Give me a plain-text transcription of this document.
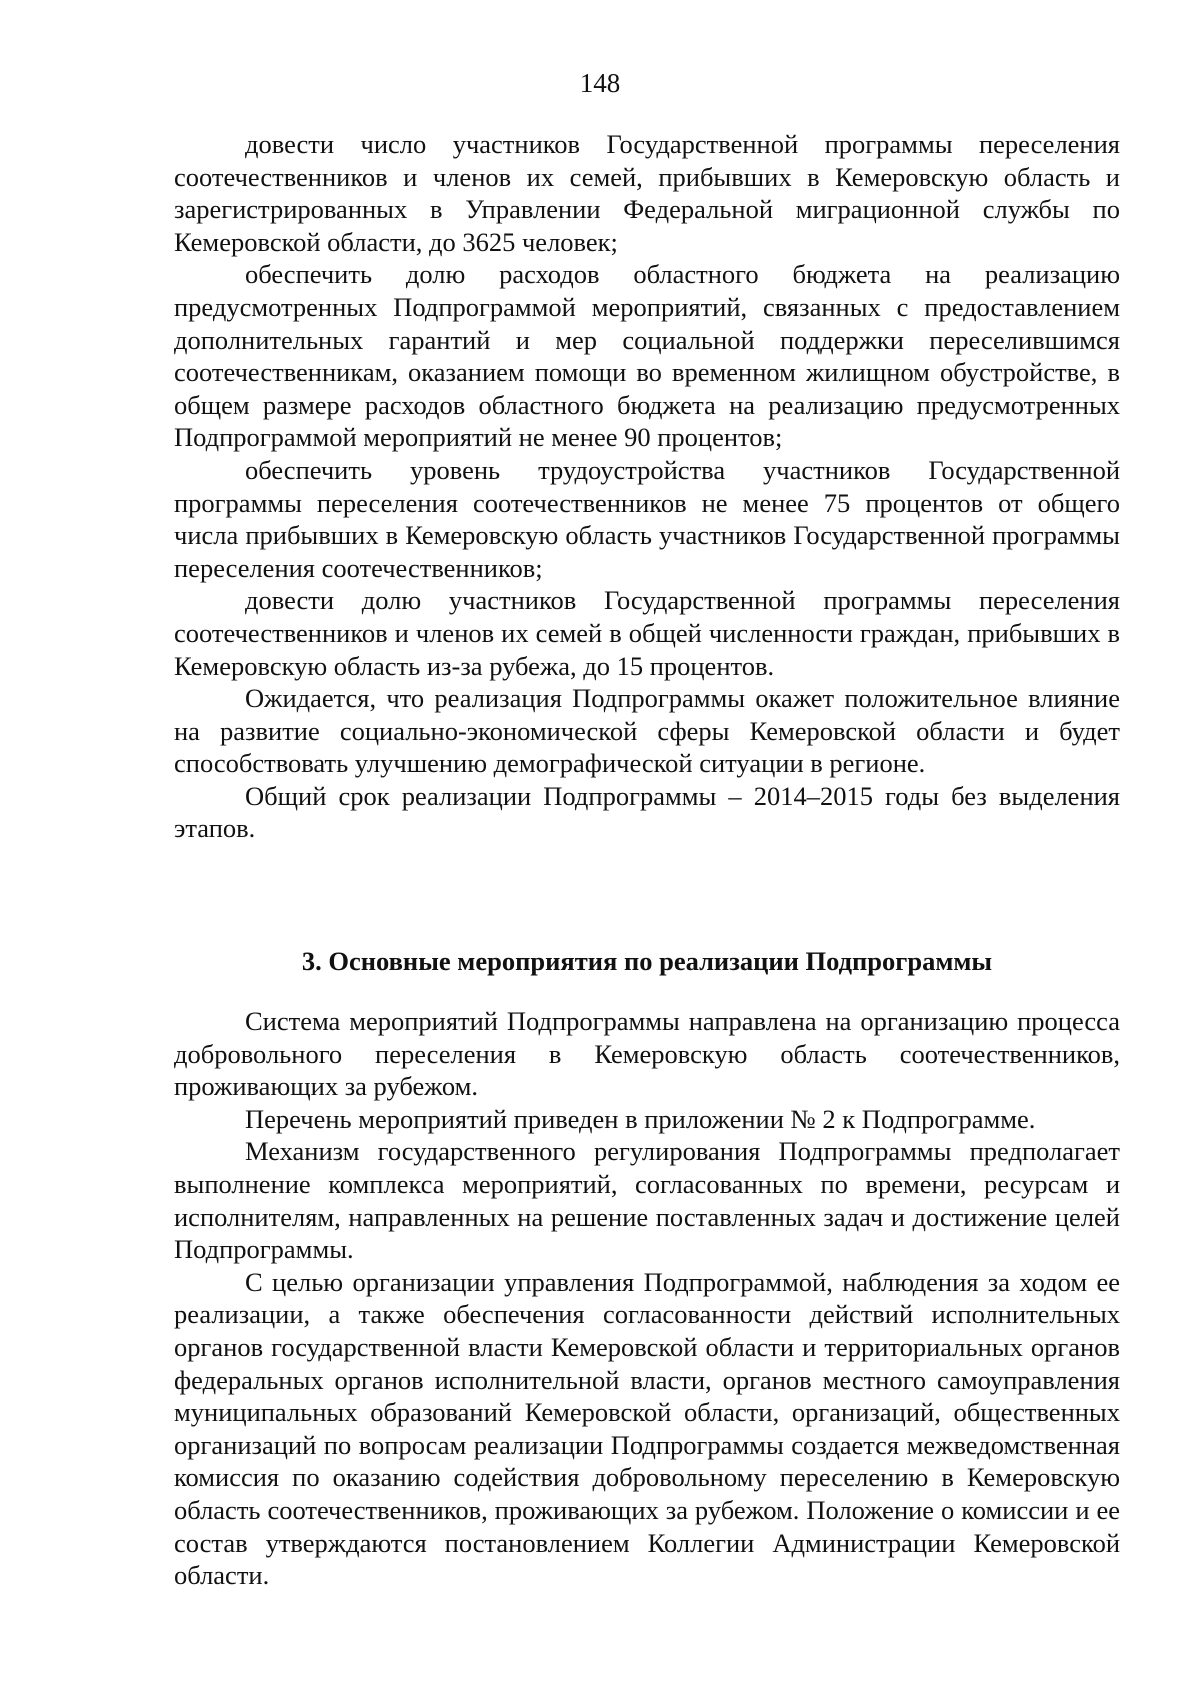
148

довести число участников Государственной программы переселения соотечественников и членов их семей, прибывших в Кемеровскую область и зарегистрированных в Управлении Федеральной миграционной службы по Кемеровской области, до 3625 человек;

обеспечить долю расходов областного бюджета на реализацию предусмотренных Подпрограммой мероприятий, связанных с предоставлением дополнительных гарантий и мер социальной поддержки переселившимся соотечественникам, оказанием помощи во временном жилищном обустройстве, в общем размере расходов областного бюджета на реализацию предусмотренных Подпрограммой мероприятий не менее 90 процентов;

обеспечить уровень трудоустройства участников Государственной программы переселения соотечественников не менее 75 процентов от общего числа прибывших в Кемеровскую область участников Государственной программы переселения соотечественников;

довести долю участников Государственной программы переселения соотечественников и членов их семей в общей численности граждан, прибывших в Кемеровскую область из-за рубежа, до 15 процентов.

Ожидается, что реализация Подпрограммы окажет положительное влияние на развитие социально-экономической сферы Кемеровской области и будет способствовать улучшению демографической ситуации в регионе.

Общий срок реализации Подпрограммы – 2014–2015 годы без выделения этапов.

3. Основные мероприятия по реализации Подпрограммы

Система мероприятий Подпрограммы направлена на организацию процесса добровольного переселения в Кемеровскую область соотечественников, проживающих за рубежом.

Перечень мероприятий приведен в приложении № 2 к Подпрограмме.

Механизм государственного регулирования Подпрограммы предполагает выполнение комплекса мероприятий, согласованных по времени, ресурсам и исполнителям, направленных на решение поставленных задач и достижение целей Подпрограммы.

С целью организации управления Подпрограммой, наблюдения за ходом ее реализации, а также обеспечения согласованности действий исполнительных органов государственной власти Кемеровской области и территориальных органов федеральных органов исполнительной власти, органов местного самоуправления муниципальных образований Кемеровской области, организаций, общественных организаций по вопросам реализации Подпрограммы создается межведомственная комиссия по оказанию содействия добровольному переселению в Кемеровскую область соотечественников, проживающих за рубежом. Положение о комиссии и ее состав утверждаются постановлением Коллегии Администрации Кемеровской области.
